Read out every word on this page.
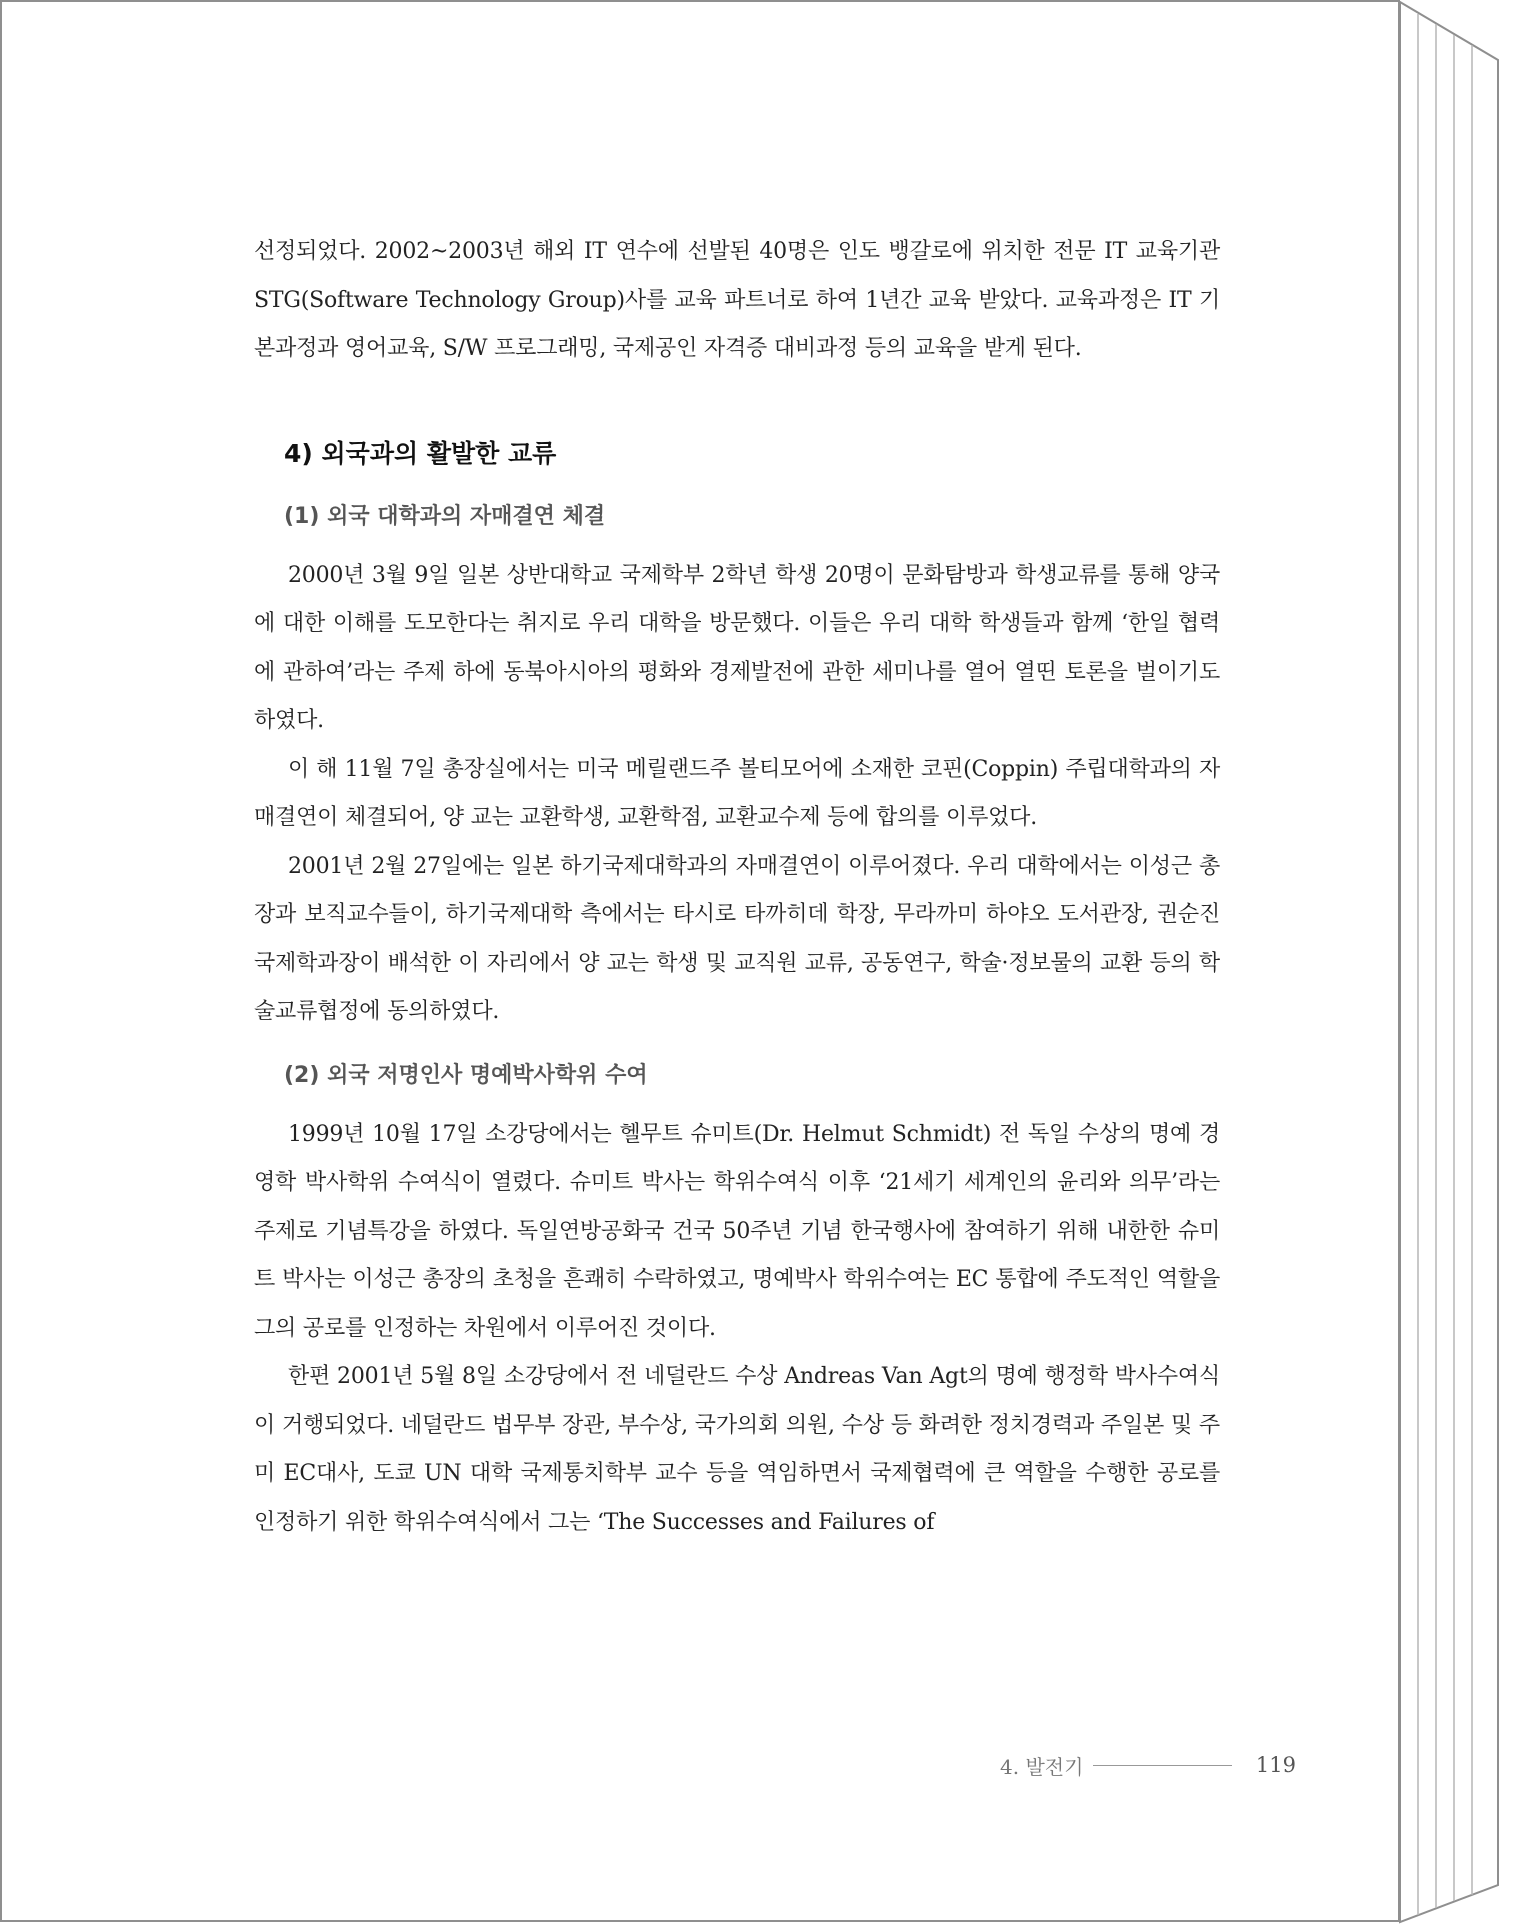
선정되었다. 2002~2003년 해외 IT 연수에 선발된 40명은 인도 뱅갈로에 위치한 전문 IT 교육기관 STG(Software Technology Group)사를 교육 파트너로 하여 1년간 교육 받았다. 교육과정은 IT 기본과정과 영어교육, S/W 프로그래밍, 국제공인 자격증 대비과정 등의 교육을 받게 된다.

4) 외국과의 활발한 교류
(1) 외국 대학과의 자매결연 체결

2000년 3월 9일 일본 상반대학교 국제학부 2학년 학생 20명이 문화탐방과 학생교류를 통해 양국에 대한 이해를 도모한다는 취지로 우리 대학을 방문했다. 이들은 우리 대학 학생들과 함께 ‘한일 협력에 관하여’라는 주제 하에 동북아시아의 평화와 경제발전에 관한 세미나를 열어 열띤 토론을 벌이기도 하였다.

이 해 11월 7일 총장실에서는 미국 메릴랜드주 볼티모어에 소재한 코핀(Coppin) 주립대학과의 자매결연이 체결되어, 양 교는 교환학생, 교환학점, 교환교수제 등에 합의를 이루었다.

2001년 2월 27일에는 일본 하기국제대학과의 자매결연이 이루어졌다. 우리 대학에서는 이성근 총장과 보직교수들이, 하기국제대학 측에서는 타시로 타까히데 학장, 무라까미 하야오 도서관장, 권순진 국제학과장이 배석한 이 자리에서 양 교는 학생 및 교직원 교류, 공동연구, 학술·정보물의 교환 등의 학술교류협정에 동의하였다.

(2) 외국 저명인사 명예박사학위 수여

1999년 10월 17일 소강당에서는 헬무트 슈미트(Dr. Helmut Schmidt) 전 독일 수상의 명예 경영학 박사학위 수여식이 열렸다. 슈미트 박사는 학위수여식 이후 ‘21세기 세계인의 윤리와 의무’라는 주제로 기념특강을 하였다. 독일연방공화국 건국 50주년 기념 한국행사에 참여하기 위해 내한한 슈미트 박사는 이성근 총장의 초청을 흔쾌히 수락하였고, 명예박사 학위수여는 EC 통합에 주도적인 역할을 그의 공로를 인정하는 차원에서 이루어진 것이다.

한편 2001년 5월 8일 소강당에서 전 네덜란드 수상 Andreas Van Agt의 명예 행정학 박사수여식이 거행되었다. 네덜란드 법무부 장관, 부수상, 국가의회 의원, 수상 등 화려한 정치경력과 주일본 및 주미 EC대사, 도쿄 UN 대학 국제통치학부 교수 등을 역임하면서 국제협력에 큰 역할을 수행한 공로를 인정하기 위한 학위수여식에서 그는 ‘The Successes and Failures of

4. 발전기	119
